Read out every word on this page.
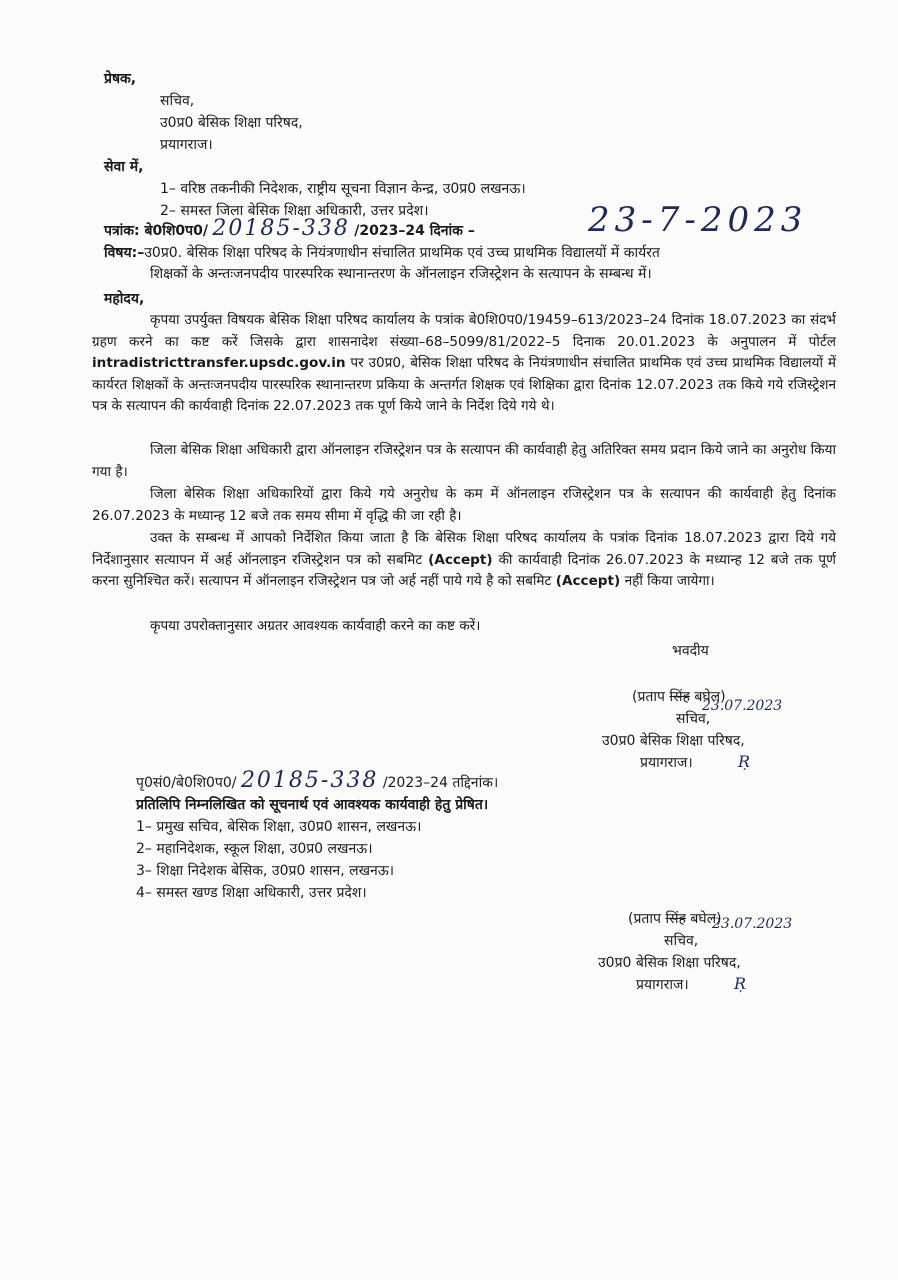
प्रेषक,
सचिव,
उ0प्र0 बेसिक शिक्षा परिषद,
प्रयागराज।
सेवा में,
1– वरिष्ठ तकनीकी निदेशक, राष्ट्रीय सूचना विज्ञान केन्द्र, उ0प्र0 लखनऊ।
2– समस्त जिला बेसिक शिक्षा अधिकारी, उत्तर प्रदेश।
पत्रांक: बे0शि0प0/ 20185-338 /2023–24 दिनांक –	23-7-2023
विषय:–उ0प्र0. बेसिक शिक्षा परिषद के नियंत्रणाधीन संचालित प्राथमिक एवं उच्च प्राथमिक विद्यालयों में कार्यरत
शिक्षकों के अन्तःजनपदीय पारस्परिक स्थानान्तरण के ऑनलाइन रजिस्ट्रेशन के सत्यापन के सम्बन्ध में।
महोदय,
कृपया उपर्युक्त विषयक बेसिक शिक्षा परिषद कार्यालय के पत्रांक बे0शि0प0/19459–613/2023–24 दिनांक 18.07.2023 का संदर्भ ग्रहण करने का कष्ट करें जिसके द्वारा शासनादेश संख्या–68–5099/81/2022–5 दिनाक 20.01.2023 के अनुपालन में पोर्टल intradistricttransfer.upsdc.gov.in पर उ0प्र0, बेसिक शिक्षा परिषद के नियंत्रणाधीन संचालित प्राथमिक एवं उच्च प्राथमिक विद्यालयों में कार्यरत शिक्षकों के अन्तःजनपदीय पारस्परिक स्थानान्तरण प्रकिया के अन्तर्गत शिक्षक एवं शिक्षिका द्वारा दिनांक 12.07.2023 तक किये गये रजिस्ट्रेशन पत्र के सत्यापन की कार्यवाही दिनांक 22.07.2023 तक पूर्ण किये जाने के निर्देश दिये गये थे।
जिला बेसिक शिक्षा अधिकारी द्वारा ऑनलाइन रजिस्ट्रेशन पत्र के सत्यापन की कार्यवाही हेतु अतिरिक्त समय प्रदान किये जाने का अनुरोध किया गया है।
जिला बेसिक शिक्षा अधिकारियों द्वारा किये गये अनुरोध के कम में ऑनलाइन रजिस्ट्रेशन पत्र के सत्यापन की कार्यवाही हेतु दिनांक 26.07.2023 के मध्यान्ह 12 बजे तक समय सीमा में वृद्धि की जा रही है।
उक्त के सम्बन्ध में आपको निर्देशित किया जाता है कि बेसिक शिक्षा परिषद कार्यालय के पत्रांक दिनांक 18.07.2023 द्वारा दिये गये निर्देशानुसार सत्यापन में अर्ह ऑनलाइन रजिस्ट्रेशन पत्र को सबमिट (Accept) की कार्यवाही दिनांक 26.07.2023 के मध्यान्ह 12 बजे तक पूर्ण करना सुनिश्चित करें। सत्यापन में ऑनलाइन रजिस्ट्रेशन पत्र जो अर्ह नहीं पाये गये है को सबमिट (Accept) नहीं किया जायेगा।
कृपया उपरोक्तानुसार अग्रतर आवश्यक कार्यवाही करने का कष्ट करें।
भवदीय
(प्रताप सिंह बघेल)
23.07.2023
सचिव,
उ0प्र0 बेसिक शिक्षा परिषद,
प्रयागराज।	Ŗ
पृ0सं0/बे0शि0प0/ 20185-338 /2023–24 तद्दिनांक।
प्रतिलिपि निम्नलिखित को सूचनार्थ एवं आवश्यक कार्यवाही हेतु प्रेषित।
1– प्रमुख सचिव, बेसिक शिक्षा, उ0प्र0 शासन, लखनऊ।
2– महानिदेशक, स्कूल शिक्षा, उ0प्र0 लखनऊ।
3– शिक्षा निदेशक बेसिक, उ0प्र0 शासन, लखनऊ।
4– समस्त खण्ड शिक्षा अधिकारी, उत्तर प्रदेश।
(प्रताप सिंह बघेल)
23.07.2023
सचिव,
उ0प्र0 बेसिक शिक्षा परिषद,
प्रयागराज।	Ŗ
